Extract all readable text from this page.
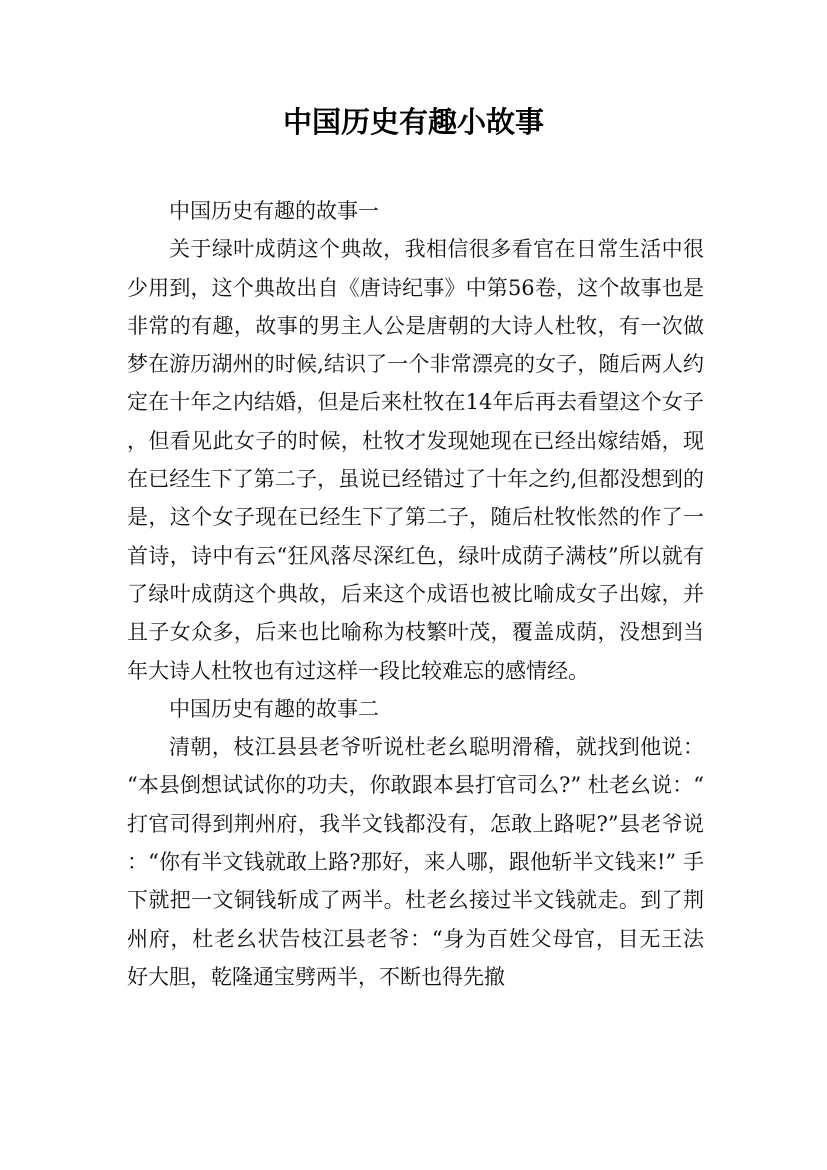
中国历史有趣小故事

中国历史有趣的故事一

关于绿叶成荫这个典故，我相信很多看官在日常生活中很少用到，这个典故出自《唐诗纪事》中第56卷，这个故事也是非常的有趣，故事的男主人公是唐朝的大诗人杜牧，有一次做梦在游历湖州的时候,结识了一个非常漂亮的女子，随后两人约定在十年之内结婚，但是后来杜牧在14年后再去看望这个女子，但看见此女子的时候，杜牧才发现她现在已经出嫁结婚，现在已经生下了第二子，虽说已经错过了十年之约,但都没想到的是，这个女子现在已经生下了第二子，随后杜牧怅然的作了一首诗，诗中有云“狂风落尽深红色，绿叶成荫子满枝”所以就有了绿叶成荫这个典故，后来这个成语也被比喻成女子出嫁，并且子女众多，后来也比喻称为枝繁叶茂，覆盖成荫，没想到当年大诗人杜牧也有过这样一段比较难忘的感情经。

中国历史有趣的故事二

清朝，枝江县县老爷听说杜老幺聪明滑稽，就找到他说：“本县倒想试试你的功夫，你敢跟本县打官司么?” 杜老幺说：“打官司得到荆州府，我半文钱都没有，怎敢上路呢?”县老爷说：“你有半文钱就敢上路?那好，来人哪，跟他斩半文钱来!” 手下就把一文铜钱斩成了两半。杜老幺接过半文钱就走。到了荆州府，杜老幺状告枝江县老爷：“身为百姓父母官，目无王法好大胆，乾隆通宝劈两半，不断也得先撤
